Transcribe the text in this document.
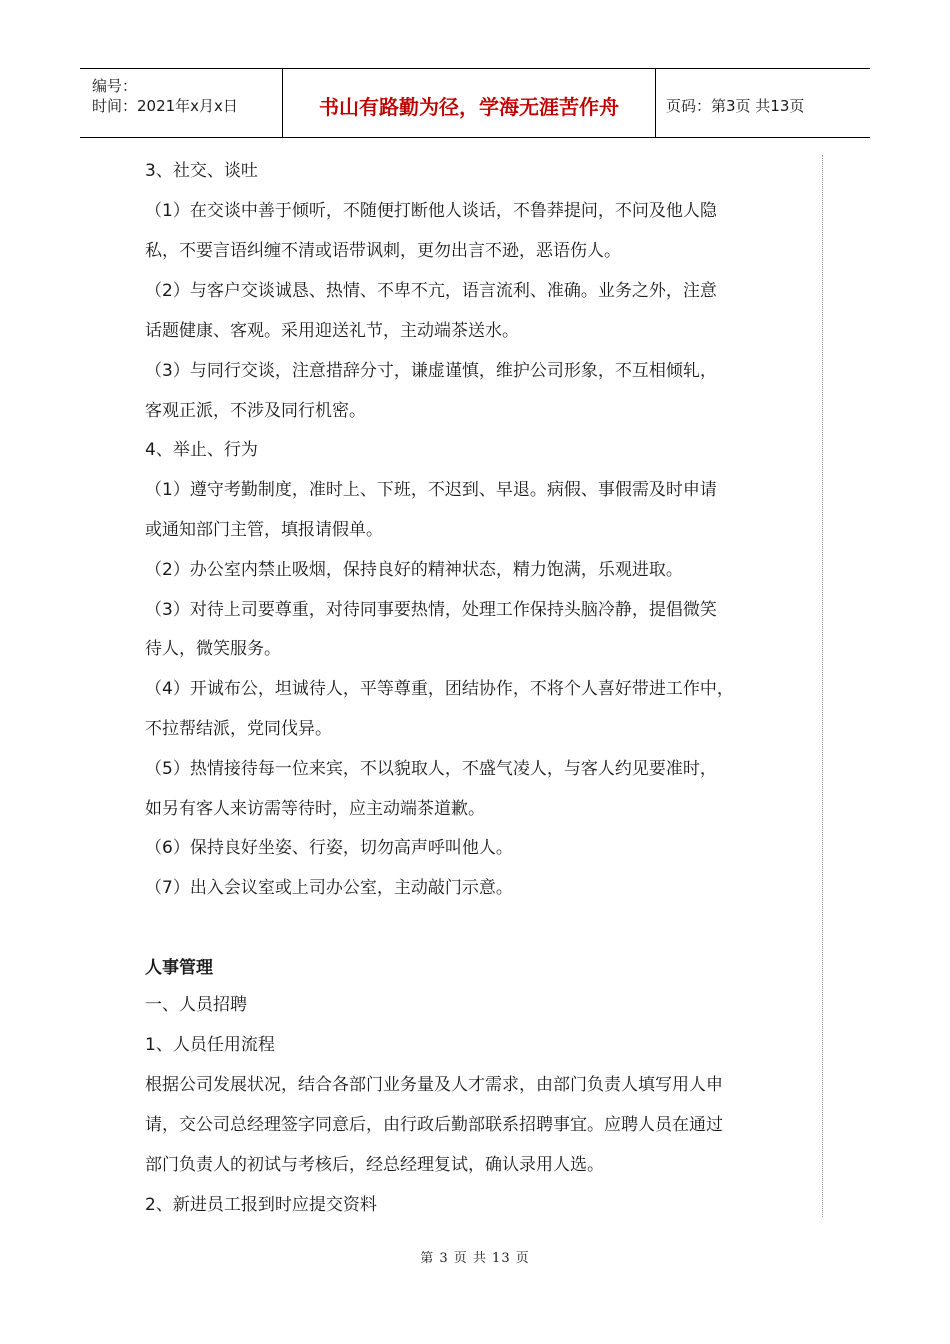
编号：
时间：2021年x月x日	书山有路勤为径，学海无涯苦作舟	页码：第3页 共13页
3、社交、谈吐
（1）在交谈中善于倾听，不随便打断他人谈话，不鲁莽提问，不问及他人隐
私，不要言语纠缠不清或语带讽刺，更勿出言不逊，恶语伤人。
（2）与客户交谈诚恳、热情、不卑不亢，语言流利、准确。业务之外，注意
话题健康、客观。采用迎送礼节，主动端茶送水。
（3）与同行交谈，注意措辞分寸，谦虚谨慎，维护公司形象，不互相倾轧，
客观正派，不涉及同行机密。
4、举止、行为
（1）遵守考勤制度，准时上、下班，不迟到、早退。病假、事假需及时申请
或通知部门主管，填报请假单。
（2）办公室内禁止吸烟，保持良好的精神状态，精力饱满，乐观进取。
（3）对待上司要尊重，对待同事要热情，处理工作保持头脑冷静，提倡微笑
待人，微笑服务。
（4）开诚布公，坦诚待人，平等尊重，团结协作，不将个人喜好带进工作中，
不拉帮结派，党同伐异。
（5）热情接待每一位来宾，不以貌取人，不盛气凌人，与客人约见要准时，
如另有客人来访需等待时，应主动端茶道歉。
（6）保持良好坐姿、行姿，切勿高声呼叫他人。
（7）出入会议室或上司办公室，主动敲门示意。
人事管理
一、人员招聘
1、人员任用流程
根据公司发展状况，结合各部门业务量及人才需求，由部门负责人填写用人申
请，交公司总经理签字同意后，由行政后勤部联系招聘事宜。应聘人员在通过
部门负责人的初试与考核后，经总经理复试，确认录用人选。
2、新进员工报到时应提交资料
第 3 页 共 13 页
